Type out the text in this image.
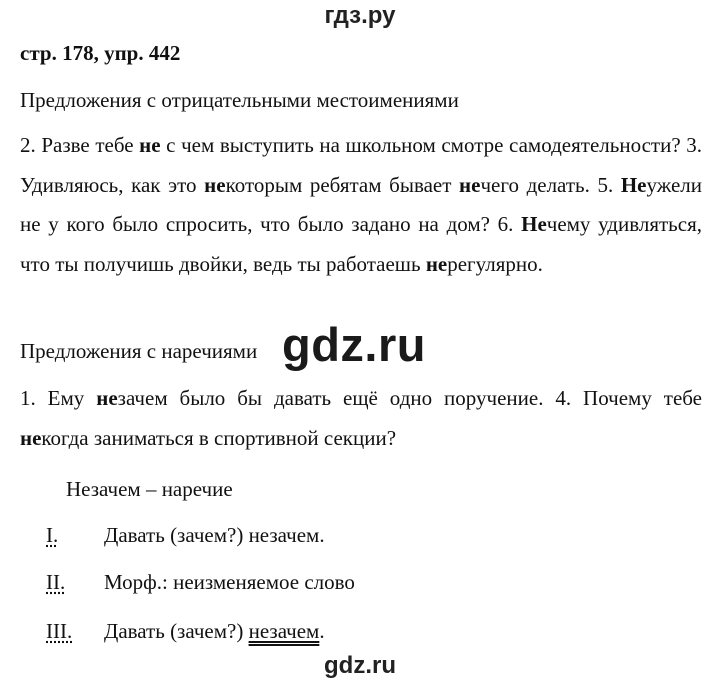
гдз.ру
стр. 178, упр. 442
Предложения с отрицательными местоимениями
2. Разве тебе не с чем выступить на школьном смотре самодеятельности? 3. Удивляюсь, как это некоторым ребятам бывает нечего делать. 5. Неужели не у кого было спросить, что было задано на дом? 6. Нечему удивляться, что ты получишь двойки, ведь ты работаешь нерегулярно.
Предложения с наречиями gdz.ru
1. Ему незачем было бы давать ещё одно поручение. 4. Почему тебе некогда заниматься в спортивной секции?
Незачем – наречие
I. Давать (зачем?) незачем.
II. Морф.: неизменяемое слово
III. Давать (зачем?) незачем.
gdz.ru
